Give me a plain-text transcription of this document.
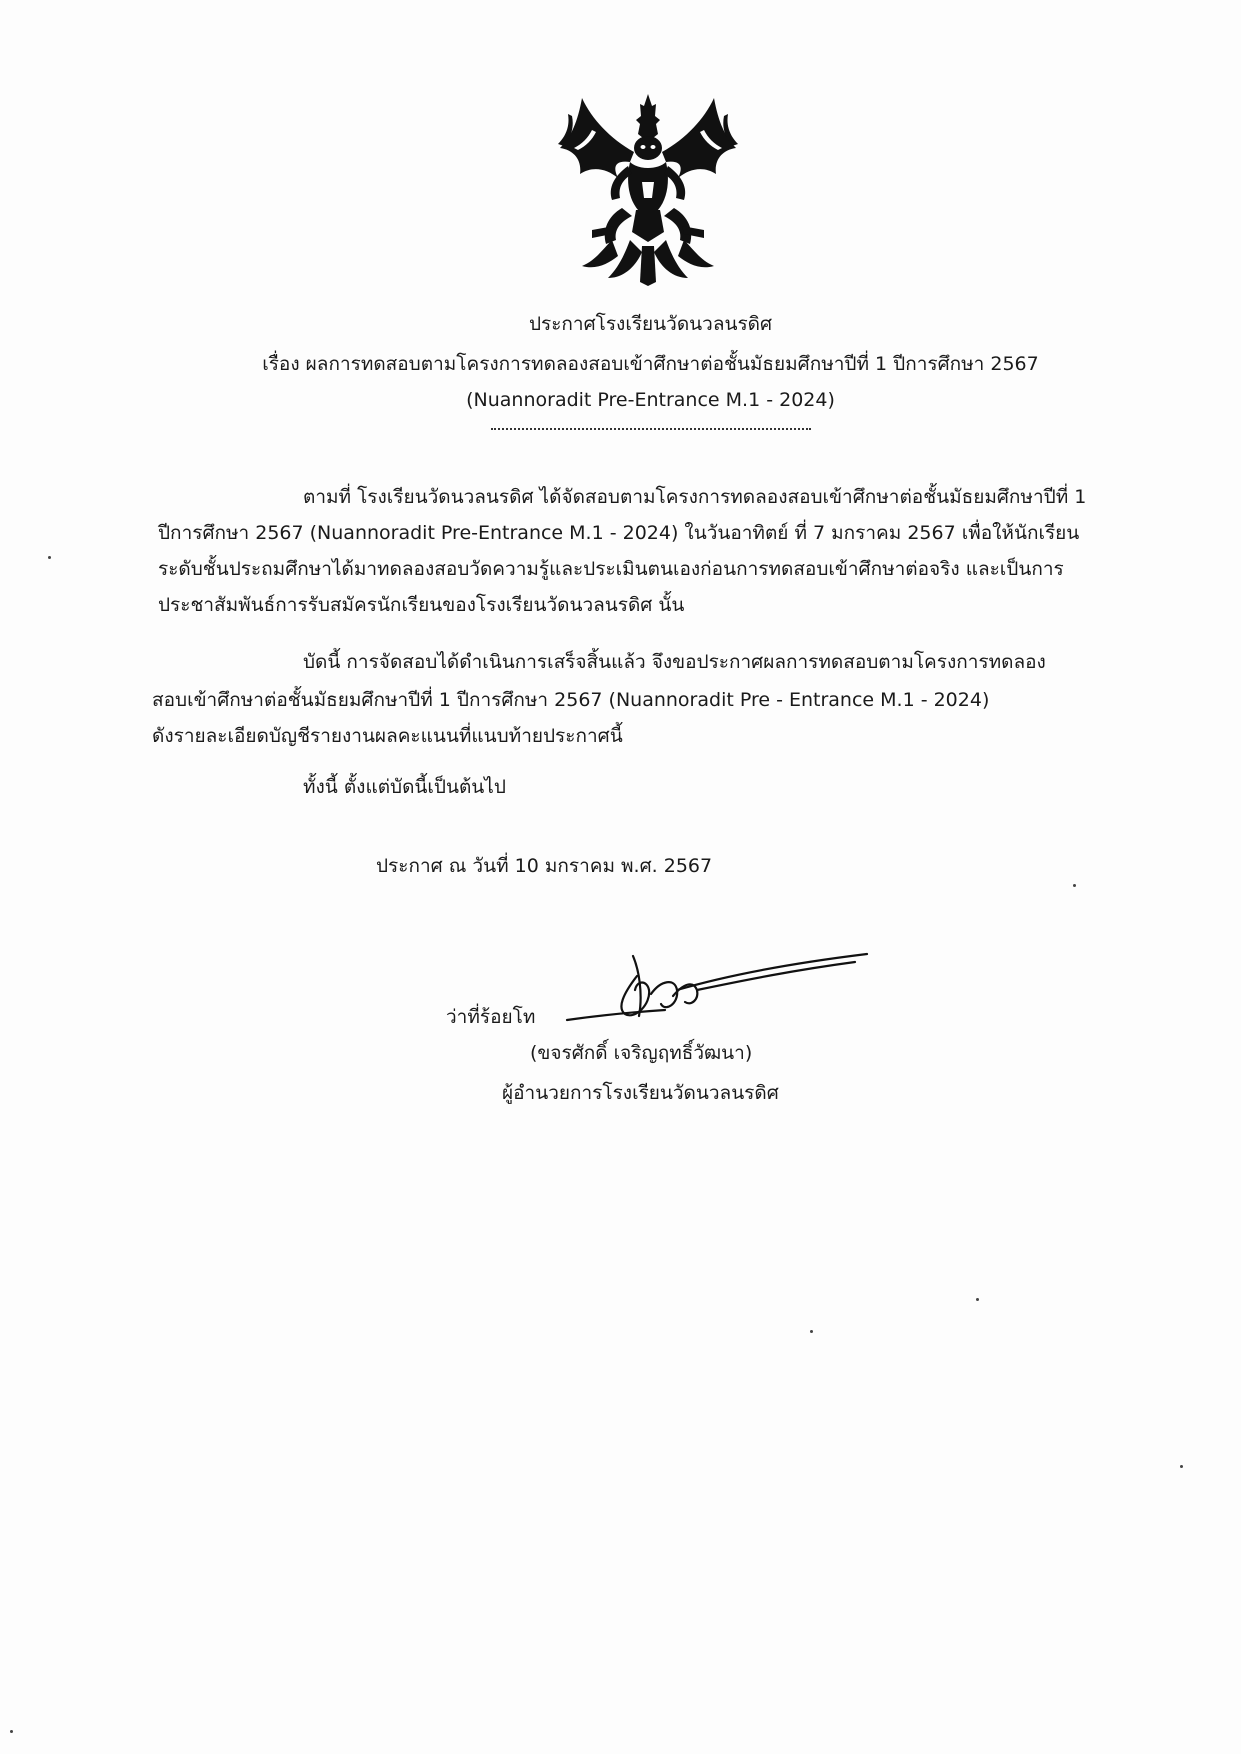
ประกาศโรงเรียนวัดนวลนรดิศ
เรื่อง ผลการทดสอบตามโครงการทดลองสอบเข้าศึกษาต่อชั้นมัธยมศึกษาปีที่ 1 ปีการศึกษา 2567
(Nuannoradit Pre-Entrance M.1 - 2024)
ตามที่ โรงเรียนวัดนวลนรดิศ ได้จัดสอบตามโครงการทดลองสอบเข้าศึกษาต่อชั้นมัธยมศึกษาปีที่ 1
ปีการศึกษา 2567 (Nuannoradit Pre-Entrance M.1 - 2024) ในวันอาทิตย์ ที่ 7 มกราคม 2567 เพื่อให้นักเรียน
ระดับชั้นประถมศึกษาได้มาทดลองสอบวัดความรู้และประเมินตนเองก่อนการทดสอบเข้าศึกษาต่อจริง และเป็นการ
ประชาสัมพันธ์การรับสมัครนักเรียนของโรงเรียนวัดนวลนรดิศ นั้น
บัดนี้ การจัดสอบได้ดำเนินการเสร็จสิ้นแล้ว จึงขอประกาศผลการทดสอบตามโครงการทดลอง
สอบเข้าศึกษาต่อชั้นมัธยมศึกษาปีที่ 1 ปีการศึกษา 2567 (Nuannoradit Pre - Entrance M.1 - 2024)
ดังรายละเอียดบัญชีรายงานผลคะแนนที่แนบท้ายประกาศนี้
ทั้งนี้ ตั้งแต่บัดนี้เป็นต้นไป
ประกาศ ณ วันที่ 10 มกราคม พ.ศ. 2567
ว่าที่ร้อยโท
(ขจรศักดิ์ เจริญฤทธิ์วัฒนา)
ผู้อำนวยการโรงเรียนวัดนวลนรดิศ
